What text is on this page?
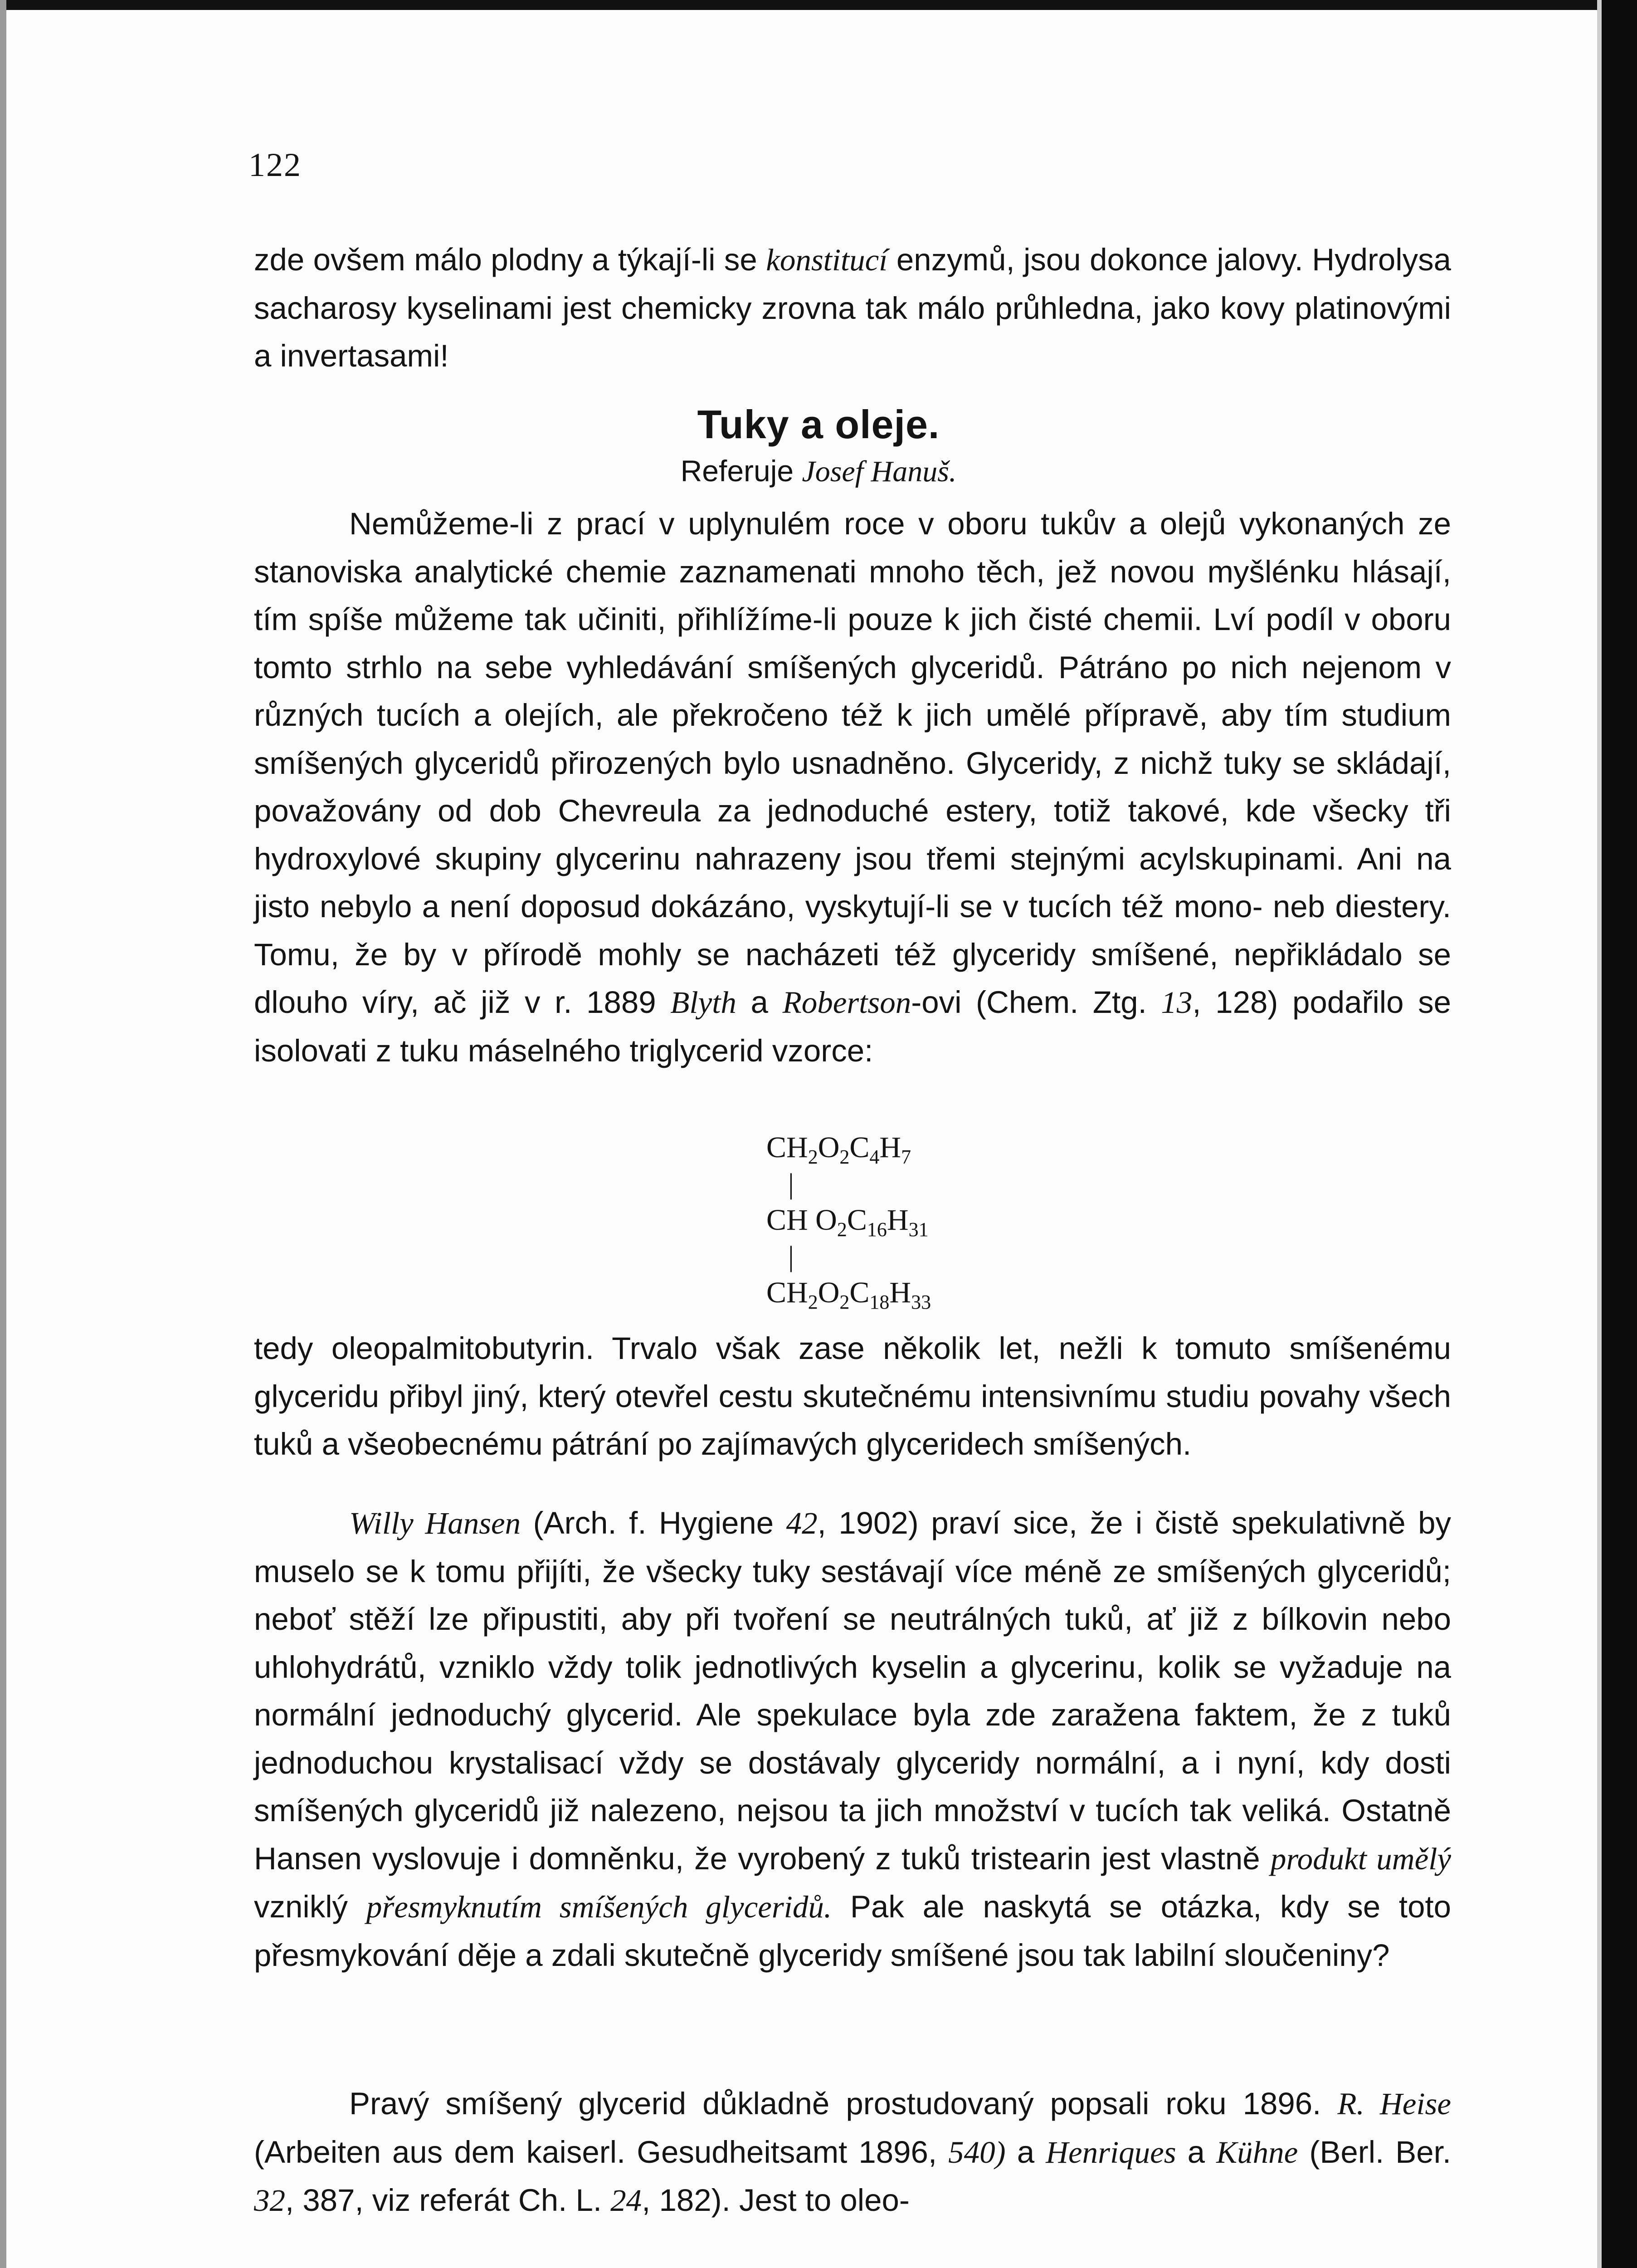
122

zde ovšem málo plodny a týkají-li se konstitucí enzymů, jsou dokonce jalovy. Hydrolysa sacharosy kyselinami jest chemicky zrovna tak málo průhledna, jako kovy platinovými a invertasami!

Tuky a oleje.
Referuje Josef Hanuš.

Nemůžeme-li z prací v uplynulém roce v oboru tukův a olejů vykonaných ze stanoviska analytické chemie zaznamenati mnoho těch, jež novou myšlénku hlásají, tím spíše můžeme tak učiniti, přihlížíme-li pouze k jich čisté chemii. Lví podíl v oboru tomto strhlo na sebe vyhledávání smíšených glyceridů. Pátráno po nich nejenom v různých tucích a olejích, ale překročeno též k jich umělé přípravě, aby tím studium smíšených glyceridů přirozených bylo usnadněno. Glyceridy, z nichž tuky se skládají, považovány od dob Chevreula za jednoduché estery, totiž takové, kde všecky tři hydroxylové skupiny glycerinu nahrazeny jsou třemi stejnými acylskupinami. Ani na jisto nebylo a není doposud dokázáno, vyskytují-li se v tucích též mono- neb diestery. Tomu, že by v přírodě mohly se nacházeti též glyceridy smíšené, nepřikládalo se dlouho víry, ač již v r. 1889 Blyth a Robertson-ovi (Chem. Ztg. 13, 128) podařilo se isolovati z tuku máselného triglycerid vzorce:

$CH_2O_2C_4H_7$
|
CH $O_2C_{16}H_{31}$
|
$CH_2O_2C_{18}H_{33}$

tedy oleopalmitobutyrin. Trvalo však zase několik let, nežli k tomuto smíšenému glyceridu přibyl jiný, který otevřel cestu skutečnému intensivnímu studiu povahy všech tuků a všeobecnému pátrání po zajímavých glyceridech smíšených.

Willy Hansen (Arch. f. Hygiene 42, 1902) praví sice, že i čistě spekulativně by muselo se k tomu přijíti, že všecky tuky sestávají více méně ze smíšených glyceridů; neboť stěží lze připustiti, aby při tvoření se neutrálných tuků, ať již z bílkovin nebo uhlohydrátů, vzniklo vždy tolik jednotlivých kyselin a glycerinu, kolik se vyžaduje na normální jednoduchý glycerid. Ale spekulace byla zde zaražena faktem, že z tuků jednoduchou krystalisací vždy se dostávaly glyceridy normální, a i nyní, kdy dosti smíšených glyceridů již nalezeno, nejsou ta jich množství v tucích tak veliká. Ostatně Hansen vyslovuje i domněnku, že vyrobený z tuků tristearin jest vlastně produkt umělý vzniklý přesmyknutím smíšených glyceridů. Pak ale naskytá se otázka, kdy se toto přesmykování děje a zdali skutečně glyceridy smíšené jsou tak labilní sloučeniny?

Pravý smíšený glycerid důkladně prostudovaný popsali roku 1896. R. Heise (Arbeiten aus dem kaiserl. Gesudheitsamt 1896, 540) a Henriques a Kühne (Berl. Ber. 32, 387, viz referát Ch. L. 24, 182). Jest to oleo-
